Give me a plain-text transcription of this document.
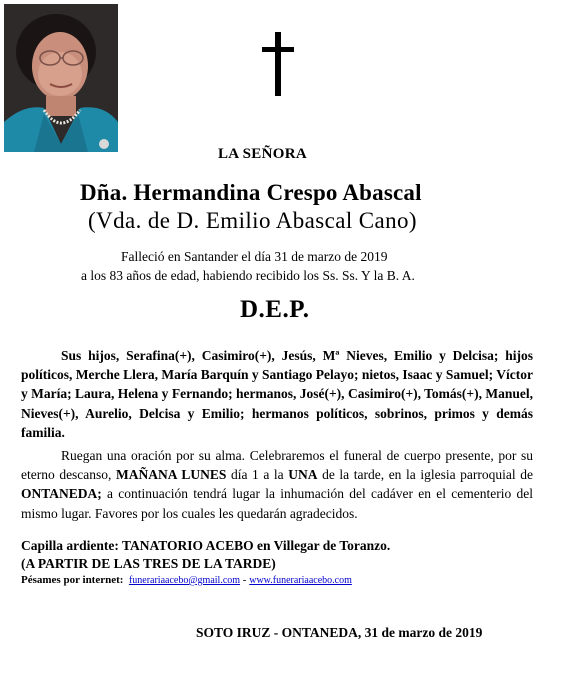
LA SEÑORA
Dña. Hermandina Crespo Abascal
(Vda. de D. Emilio Abascal Cano)
Falleció en Santander el día 31 de marzo de 2019
a los 83 años de edad, habiendo recibido los Ss. Ss. Y la B. A.
D.E.P.
Sus hijos, Serafina(+), Casimiro(+), Jesús, Mª Nieves, Emilio y Delcisa; hijos políticos, Merche Llera, María Barquín y Santiago Pelayo; nietos, Isaac y Samuel; Víctor y María; Laura, Helena y Fernando; hermanos, José(+), Casimiro(+), Tomás(+), Manuel, Nieves(+), Aurelio, Delcisa y Emilio; hermanos políticos, sobrinos, primos y demás familia.
Ruegan una oración por su alma. Celebraremos el funeral de cuerpo presente, por su eterno descanso, MAÑANA LUNES día 1 a la UNA de la tarde, en la iglesia parroquial de ONTANEDA; a continuación tendrá lugar la inhumación del cadáver en el cementerio del mismo lugar. Favores por los cuales les quedarán agradecidos.
Capilla ardiente: TANATORIO ACEBO en Villegar de Toranzo.
(A PARTIR DE LAS TRES DE LA TARDE)
Pésames por internet: funerariaacebo@gmail.com - www.funerariaacebo.com
SOTO IRUZ - ONTANEDA, 31 de marzo de 2019
